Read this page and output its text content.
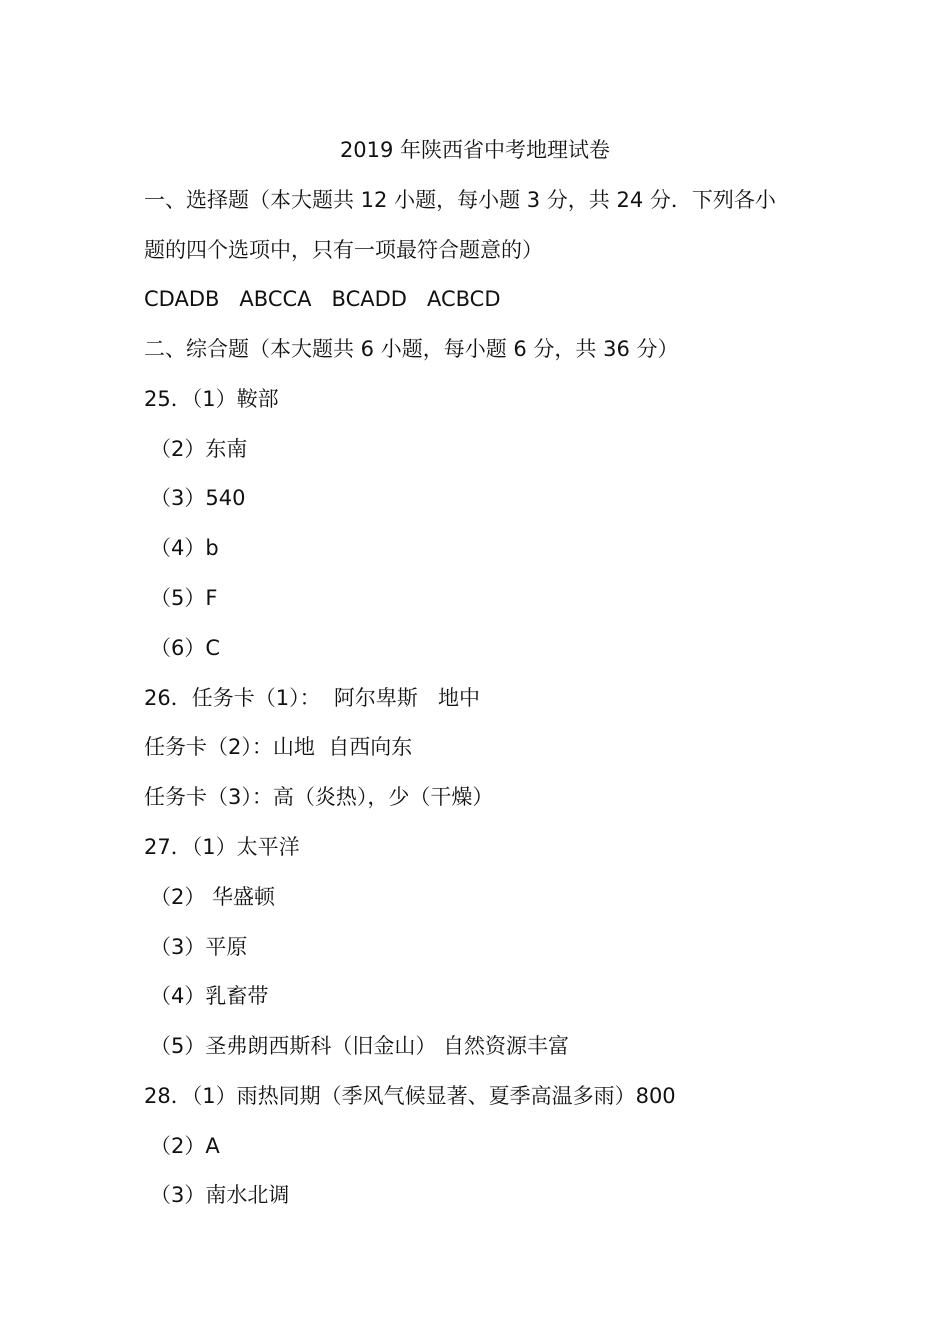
2019 年陕西省中考地理试卷
一、选择题（本大题共 12 小题，每小题 3 分，共 24 分．下列各小
题的四个选项中，只有一项最符合题意的）
CDADB   ABCCA   BCADD   ACBCD
二、综合题（本大题共 6 小题，每小题 6 分，共 36 分）
25．（1）鞍部
（2）东南
（3）540
（4）b
（5）F
（6）C
26．任务卡（1）：  阿尔卑斯   地中
任务卡（2）：山地  自西向东
任务卡（3）：高（炎热），少（干燥）
27．（1）太平洋
（2） 华盛顿
（3）平原
（4）乳畜带
（5）圣弗朗西斯科（旧金山） 自然资源丰富
28．（1）雨热同期（季风气候显著、夏季高温多雨）800
（2）A
（3）南水北调
